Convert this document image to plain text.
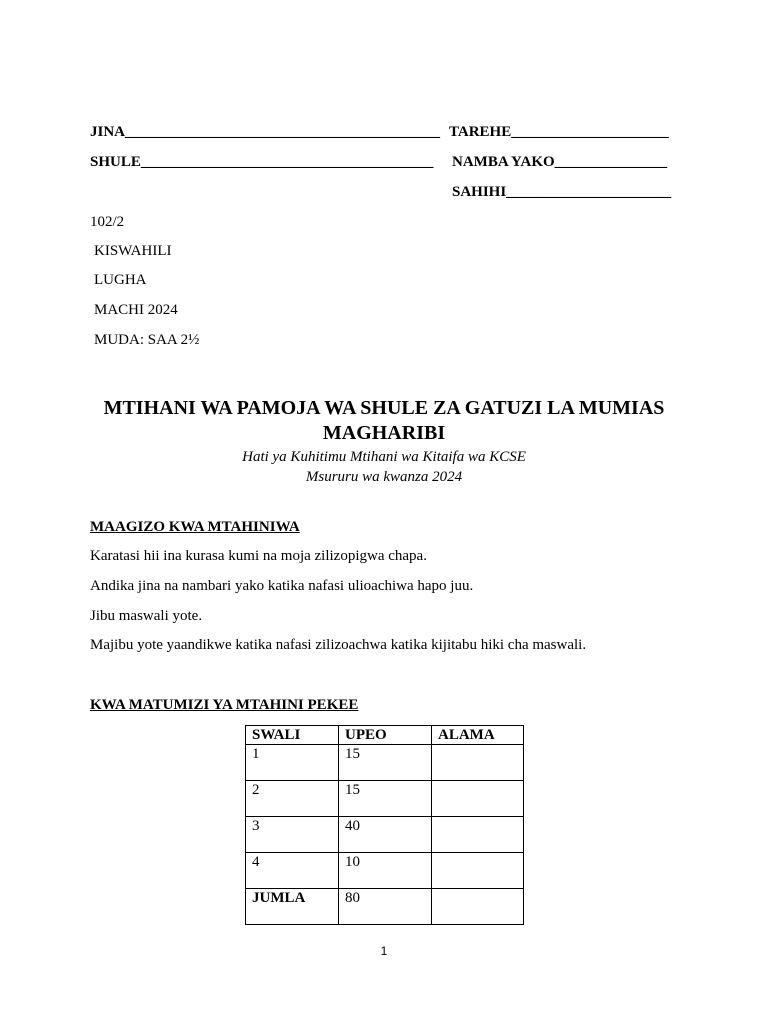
JINA__________________________________________ TAREHE_____________________
SHULE_______________________________________ NAMBA YAKO_______________
SAHIHI______________________
102/2
KISWAHILI
LUGHA
MACHI 2024
MUDA: SAA 2½
MTIHANI WA PAMOJA WA SHULE ZA GATUZI LA MUMIAS
MAGHARIBI
Hati ya Kuhitimu Mtihani wa Kitaifa wa KCSE
Msururu wa kwanza 2024
MAAGIZO KWA MTAHINIWA
Karatasi hii ina kurasa kumi na moja zilizopigwa chapa.
Andika jina na nambari yako katika nafasi ulioachiwa hapo juu.
Jibu maswali yote.
Majibu yote yaandikwe katika nafasi zilizoachwa katika kijitabu hiki cha maswali.
KWA MATUMIZI YA MTAHINI PEKEE
SWALI	UPEO	ALAMA
1	15	
2	15	
3	40	
4	10	
JUMLA	80	
1
